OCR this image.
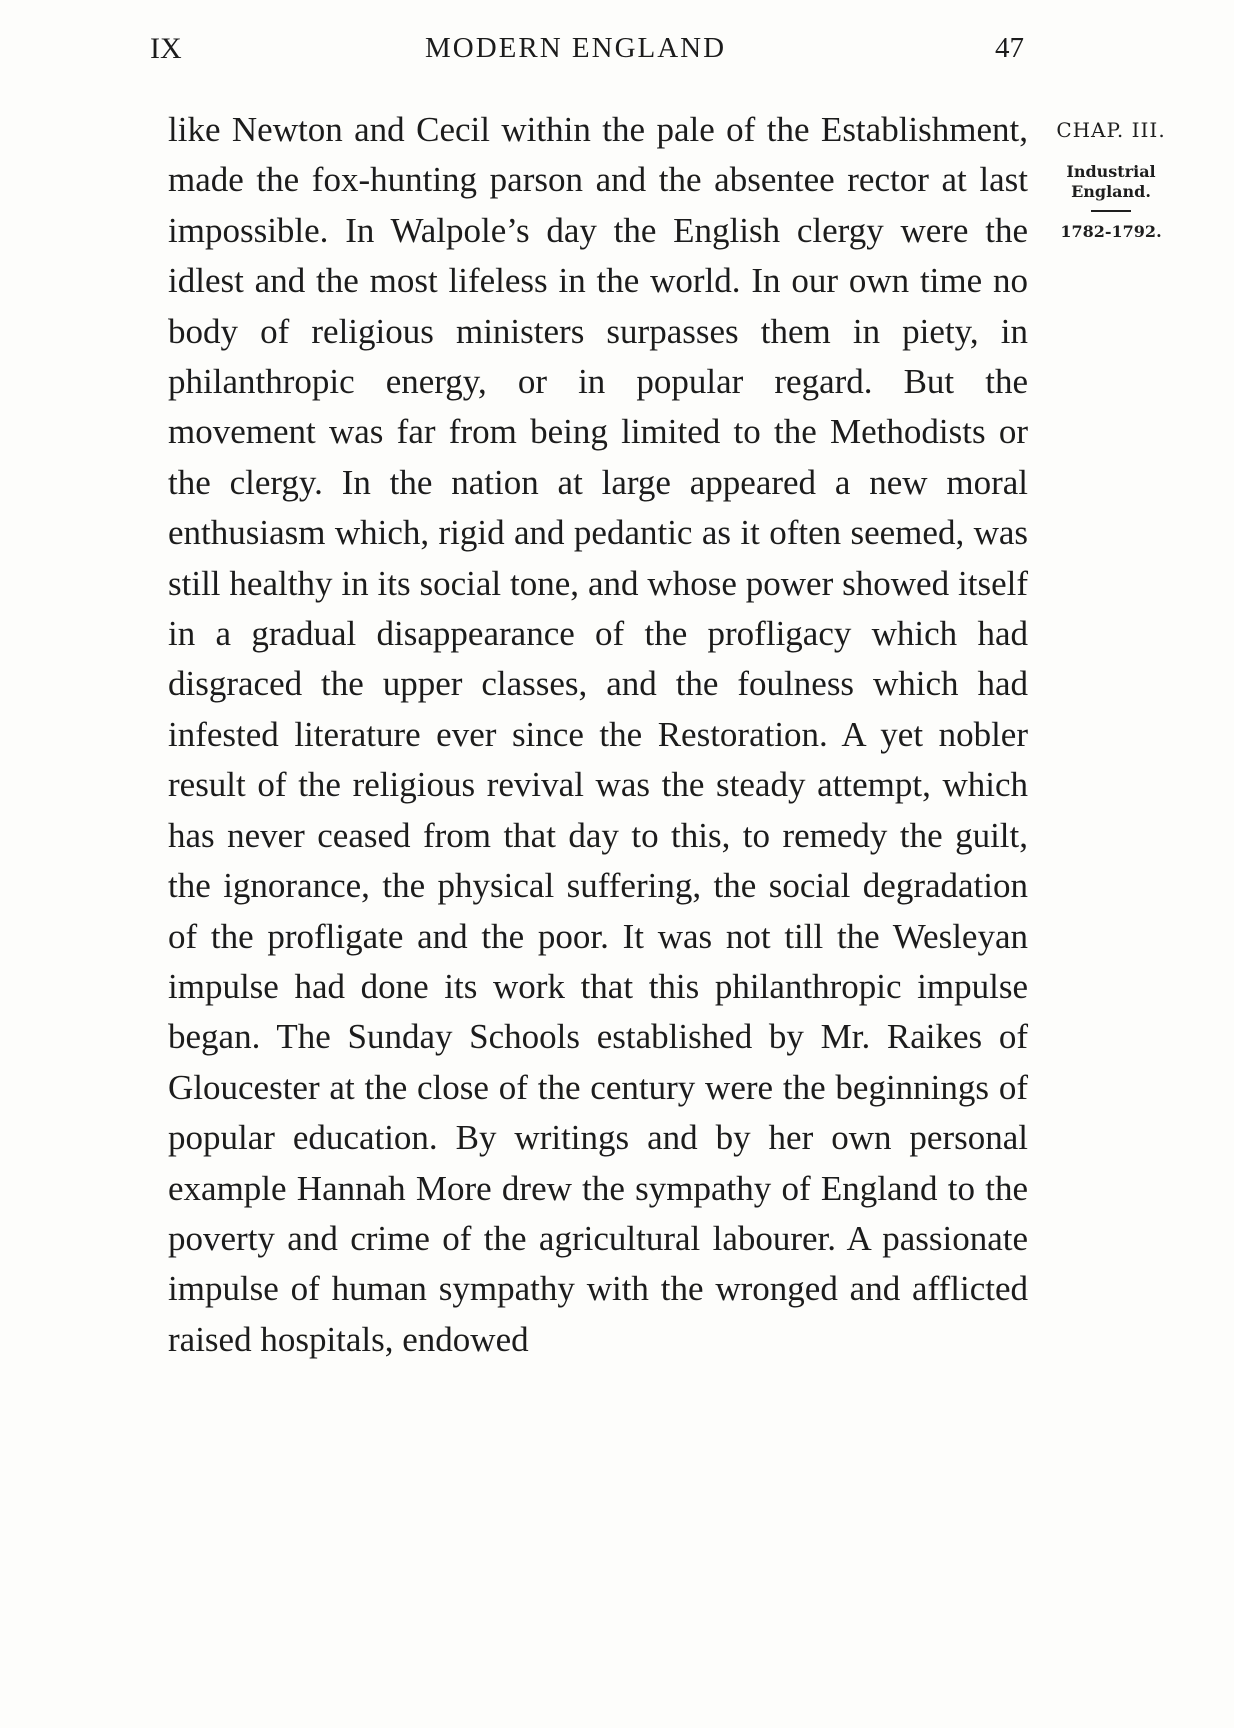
IX	MODERN ENGLAND	47

like Newton and Cecil within the pale of the Establishment, made the fox-hunting parson and the absentee rector at last impossible. In Walpole’s day the English clergy were the idlest and the most lifeless in the world. In our own time no body of religious ministers surpasses them in piety, in philanthropic energy, or in popular regard. But the movement was far from being limited to the Methodists or the clergy. In the nation at large appeared a new moral enthusiasm which, rigid and pedantic as it often seemed, was still healthy in its social tone, and whose power showed itself in a gradual disappearance of the profligacy which had disgraced the upper classes, and the foulness which had infested literature ever since the Restoration. A yet nobler result of the religious revival was the steady attempt, which has never ceased from that day to this, to remedy the guilt, the ignorance, the physical suffering, the social degradation of the profligate and the poor. It was not till the Wesleyan impulse had done its work that this philanthropic impulse began. The Sunday Schools established by Mr. Raikes of Gloucester at the close of the century were the beginnings of popular education. By writings and by her own personal example Hannah More drew the sympathy of England to the poverty and crime of the agricultural labourer. A passionate impulse of human sympathy with the wronged and afflicted raised hospitals, endowed

CHAP. III.
Industrial England.
1782-1792.
